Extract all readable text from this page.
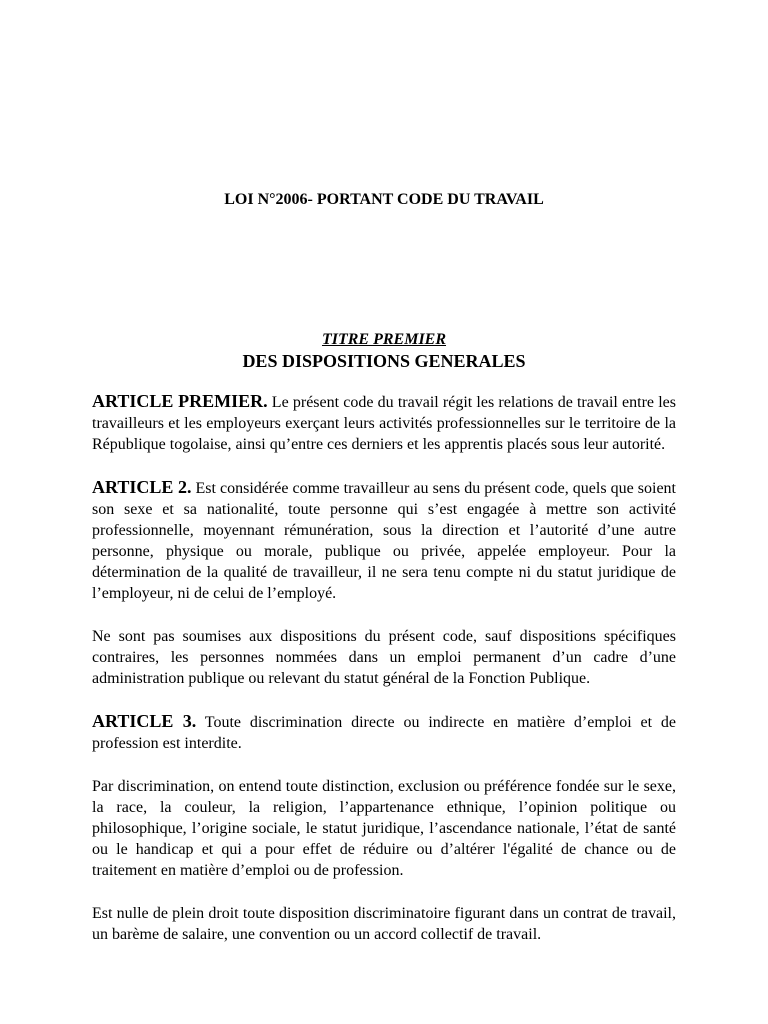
LOI N°2006- PORTANT CODE DU TRAVAIL
TITRE PREMIER
DES DISPOSITIONS GENERALES

ARTICLE PREMIER. Le présent code du travail régit les relations de travail entre les travailleurs et les employeurs exerçant leurs activités professionnelles sur le territoire de la République togolaise, ainsi qu’entre ces derniers et les apprentis placés sous leur autorité.

ARTICLE 2. Est considérée comme travailleur au sens du présent code, quels que soient son sexe et sa nationalité, toute personne qui s’est engagée à mettre son activité professionnelle, moyennant rémunération, sous la direction et l’autorité d’une autre personne, physique ou morale, publique ou privée, appelée employeur. Pour la détermination de la qualité de travailleur, il ne sera tenu compte ni du statut juridique de l’employeur, ni de celui de l’employé.

Ne sont pas soumises aux dispositions du présent code, sauf dispositions spécifiques contraires, les personnes nommées dans un emploi permanent d’un cadre d’une administration publique ou relevant du statut général de la Fonction Publique.

ARTICLE 3. Toute discrimination directe ou indirecte en matière d’emploi et de profession est interdite.

Par discrimination, on entend toute distinction, exclusion ou préférence fondée sur le sexe, la race, la couleur, la religion, l’appartenance ethnique, l’opinion politique ou philosophique, l’origine sociale, le statut juridique, l’ascendance nationale, l’état de santé ou le handicap et qui a pour effet de réduire ou d’altérer l'égalité de chance ou de traitement en matière d’emploi ou de profession.

Est nulle de plein droit toute disposition discriminatoire figurant dans un contrat de travail, un barème de salaire, une convention ou un accord collectif de travail.
